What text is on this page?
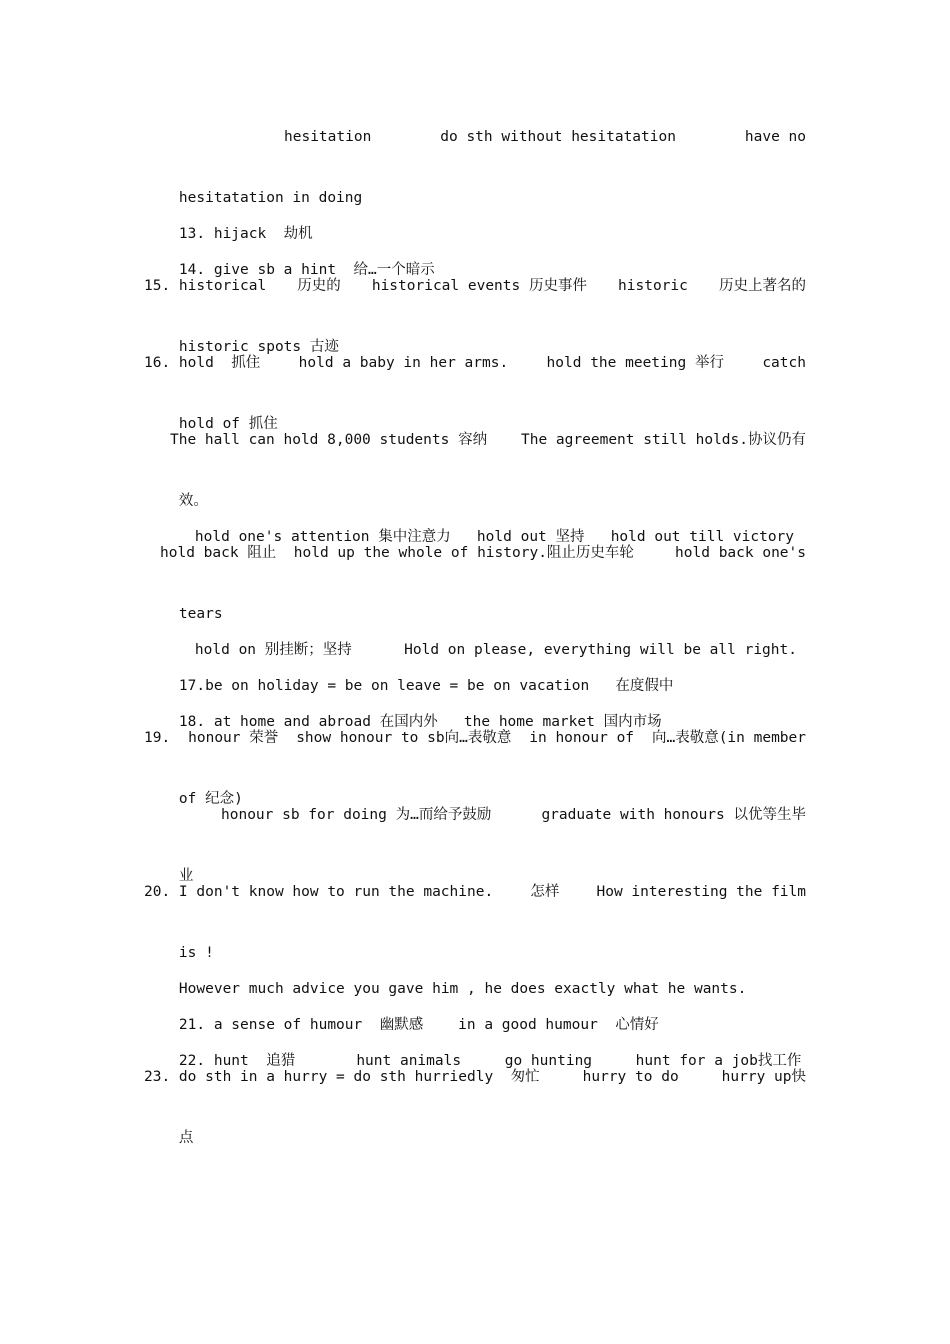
hesitation	do sth without hesitatation	have no

hesitatation in doing

13. hijack  劫机

14. give sb a hint  给…一个暗示

15. historical 历史的 historical events 历史事件 historic 历史上著名的

historic spots 古迹

16. hold  抓住	hold a baby in her arms.	hold the meeting 举行	catch

hold of 抓住

The hall can hold 8,000 students 容纳 The agreement still holds.协议仍有

效。

hold one's attention 集中注意力   hold out 坚持   hold out till victory

hold back 阻止  hold up the whole of history.阻止历史车轮	hold back one's

tears

hold on 别挂断；坚持      Hold on please, everything will be all right.

17.be on holiday = be on leave = be on vacation   在度假中

18. at home and abroad 在国内外   the home market 国内市场

19. honour 荣誉 show honour to sb向…表敬意 in honour of 向…表敬意(in member

of 纪念)

honour sb for doing 为…而给予鼓励	graduate with honours 以优等生毕

业

20. I don't know how to run the machine.	怎样	How interesting the film

is !

However much advice you gave him , he does exactly what he wants.

21. a sense of humour  幽默感    in a good humour  心情好

22. hunt  追猎       hunt animals     go hunting     hunt for a job找工作

23. do sth in a hurry = do sth hurriedly  匆忙	hurry to do	hurry up快

点
